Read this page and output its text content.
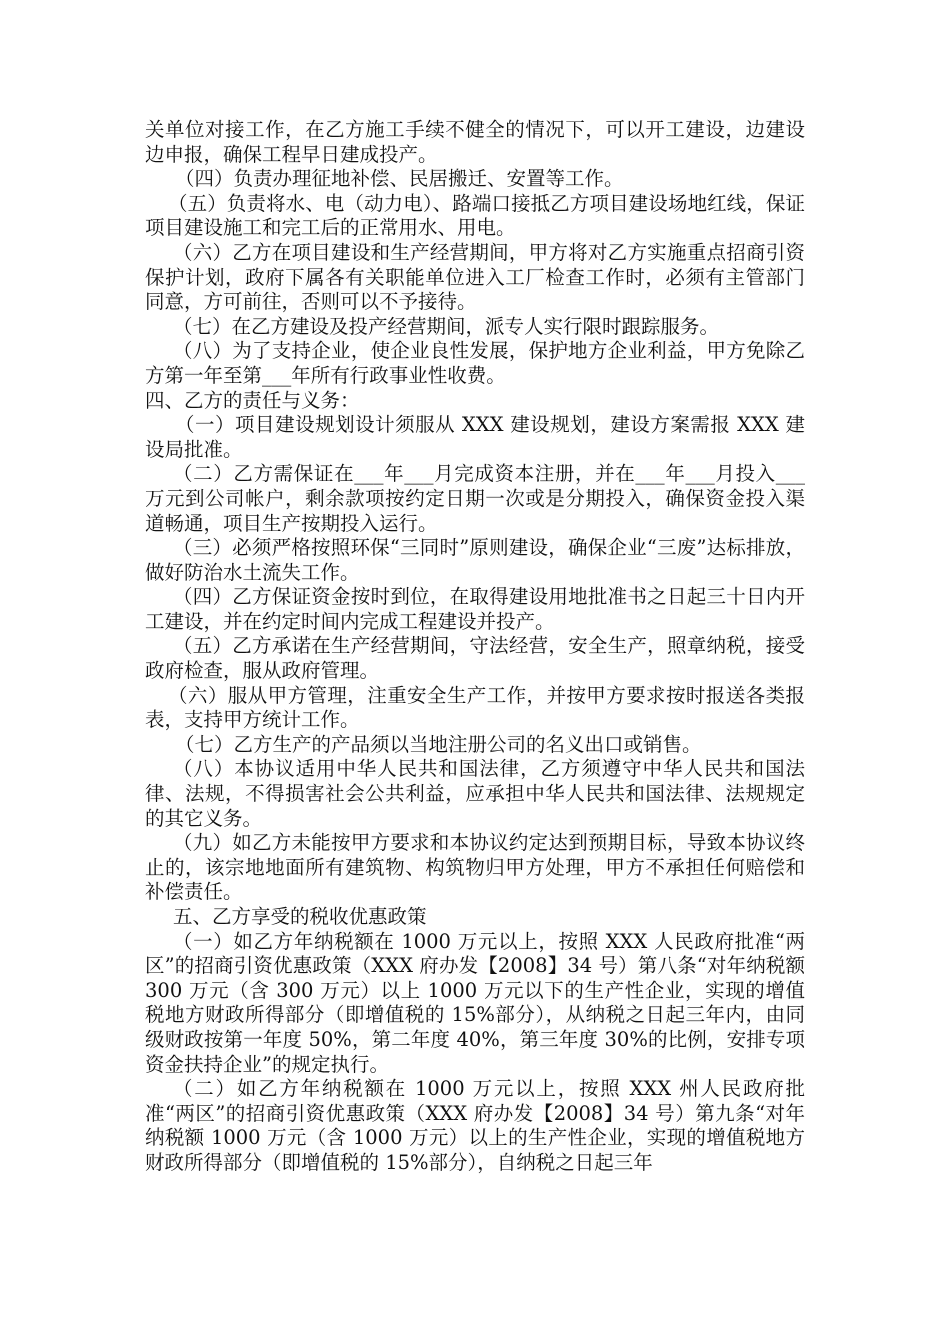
关单位对接工作，在乙方施工手续不健全的情况下，可以开工建设，边建设边申报，确保工程早日建成投产。

（四）负责办理征地补偿、民居搬迁、安置等工作。

（五）负责将水、电（动力电）、路端口接抵乙方项目建设场地红线，保证项目建设施工和完工后的正常用水、用电。

（六）乙方在项目建设和生产经营期间，甲方将对乙方实施重点招商引资保护计划，政府下属各有关职能单位进入工厂检查工作时，必须有主管部门同意，方可前往，否则可以不予接待。

（七）在乙方建设及投产经营期间，派专人实行限时跟踪服务。

（八）为了支持企业，使企业良性发展，保护地方企业利益，甲方免除乙方第一年至第___年所有行政事业性收费。

四、乙方的责任与义务：

（一）项目建设规划设计须服从 XXX 建设规划，建设方案需报 XXX 建设局批准。

（二）乙方需保证在___年___月完成资本注册，并在___年___月投入___万元到公司帐户，剩余款项按约定日期一次或是分期投入，确保资金投入渠道畅通，项目生产按期投入运行。

（三）必须严格按照环保“三同时”原则建设，确保企业“三废”达标排放，做好防治水土流失工作。

（四）乙方保证资金按时到位，在取得建设用地批准书之日起三十日内开工建设，并在约定时间内完成工程建设并投产。

（五）乙方承诺在生产经营期间，守法经营，安全生产，照章纳税，接受政府检查，服从政府管理。

（六）服从甲方管理，注重安全生产工作，并按甲方要求按时报送各类报表，支持甲方统计工作。

（七）乙方生产的产品须以当地注册公司的名义出口或销售。

（八）本协议适用中华人民共和国法律，乙方须遵守中华人民共和国法律、法规，不得损害社会公共利益，应承担中华人民共和国法律、法规规定的其它义务。

（九）如乙方未能按甲方要求和本协议约定达到预期目标，导致本协议终止的，该宗地地面所有建筑物、构筑物归甲方处理，甲方不承担任何赔偿和补偿责任。

五、乙方享受的税收优惠政策

（一）如乙方年纳税额在 1000 万元以上，按照 XXX 人民政府批准“两区”的招商引资优惠政策（XXX 府办发【2008】34 号）第八条“对年纳税额 300 万元（含 300 万元）以上 1000 万元以下的生产性企业，实现的增值税地方财政所得部分（即增值税的 15%部分），从纳税之日起三年内，由同级财政按第一年度 50%，第二年度 40%，第三年度 30%的比例，安排专项资金扶持企业”的规定执行。

（二）如乙方年纳税额在 1000 万元以上，按照 XXX 州人民政府批准“两区”的招商引资优惠政策（XXX 府办发【2008】34 号）第九条“对年纳税额 1000 万元（含 1000 万元）以上的生产性企业，实现的增值税地方财政所得部分（即增值税的 15%部分），自纳税之日起三年
